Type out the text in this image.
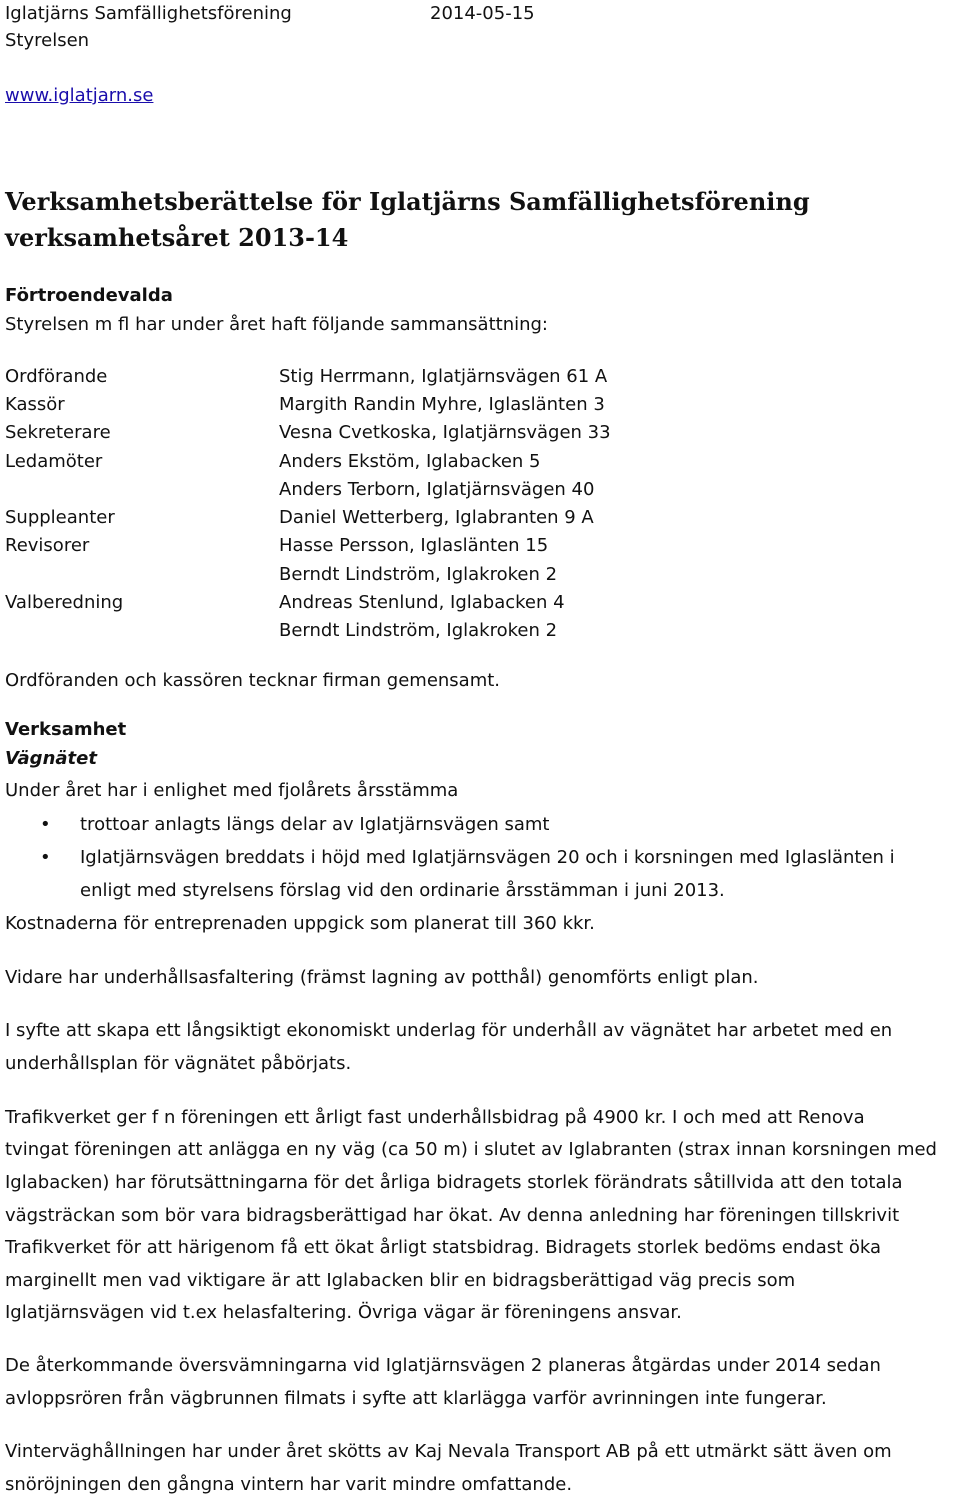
Iglatjärns Samfällighetsförening	2014-05-15
Styrelsen
www.iglatjarn.se
Verksamhetsberättelse för Iglatjärns Samfällighetsförening
verksamhetsåret 2013-14
Förtroendevalda
Styrelsen m fl har under året haft följande sammansättning:
Ordförande	Stig Herrmann, Iglatjärnsvägen 61 A
Kassör	Margith Randin Myhre, Iglaslänten 3
Sekreterare	Vesna Cvetkoska, Iglatjärnsvägen 33
Ledamöter	Anders Ekstöm, Iglabacken 5
Anders Terborn, Iglatjärnsvägen 40
Suppleanter	Daniel Wetterberg, Iglabranten 9 A
Revisorer	Hasse Persson, Iglaslänten 15
Berndt Lindström, Iglakroken 2
Valberedning	Andreas Stenlund, Iglabacken 4
Berndt Lindström, Iglakroken 2
Ordföranden och kassören tecknar firman gemensamt.
Verksamhet
Vägnätet
Under året har i enlighet med fjolårets årsstämma
• trottoar anlagts längs delar av Iglatjärnsvägen samt
• Iglatjärnsvägen breddats i höjd med Iglatjärnsvägen 20 och i korsningen med Iglaslänten i
enligt med styrelsens förslag vid den ordinarie årsstämman i juni 2013.
Kostnaderna för entreprenaden uppgick som planerat till 360 kkr.
Vidare har underhållsasfaltering (främst lagning av potthål) genomförts enligt plan.
I syfte att skapa ett långsiktigt ekonomiskt underlag för underhåll av vägnätet har arbetet med en
underhållsplan för vägnätet påbörjats.
Trafikverket ger f n föreningen ett årligt fast underhållsbidrag på 4900 kr. I och med att Renova
tvingat föreningen att anlägga en ny väg (ca 50 m) i slutet av Iglabranten (strax innan korsningen med
Iglabacken) har förutsättningarna för det årliga bidragets storlek förändrats såtillvida att den totala
vägsträckan som bör vara bidragsberättigad har ökat. Av denna anledning har föreningen tillskrivit
Trafikverket för att härigenom få ett ökat årligt statsbidrag. Bidragets storlek bedöms endast öka
marginellt men vad viktigare är att Iglabacken blir en bidragsberättigad väg precis som
Iglatjärnsvägen vid t.ex helasfaltering. Övriga vägar är föreningens ansvar.
De återkommande översvämningarna vid Iglatjärnsvägen 2 planeras åtgärdas under 2014 sedan
avloppsrören från vägbrunnen filmats i syfte att klarlägga varför avrinningen inte fungerar.
Vinterväghållningen har under året skötts av Kaj Nevala Transport AB på ett utmärkt sätt även om
snöröjningen den gångna vintern har varit mindre omfattande.
